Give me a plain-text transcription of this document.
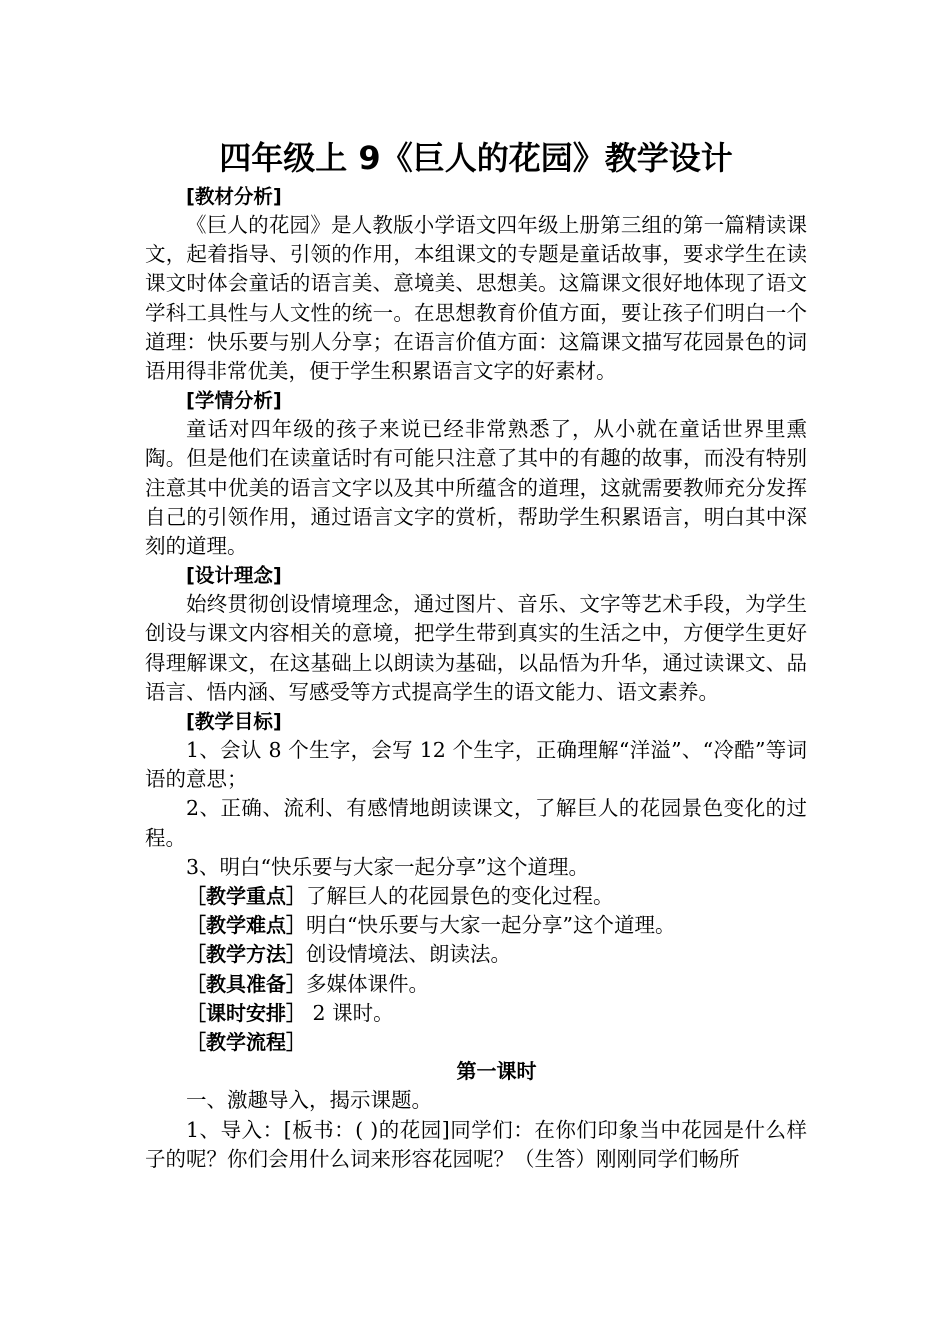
四年级上 9《巨人的花园》教学设计

[教材分析]

《巨人的花园》是人教版小学语文四年级上册第三组的第一篇精读课文，起着指导、引领的作用，本组课文的专题是童话故事，要求学生在读课文时体会童话的语言美、意境美、思想美。这篇课文很好地体现了语文学科工具性与人文性的统一。在思想教育价值方面，要让孩子们明白一个道理：快乐要与别人分享；在语言价值方面：这篇课文描写花园景色的词语用得非常优美，便于学生积累语言文字的好素材。

[学情分析]

童话对四年级的孩子来说已经非常熟悉了，从小就在童话世界里熏陶。但是他们在读童话时有可能只注意了其中的有趣的故事，而没有特别注意其中优美的语言文字以及其中所蕴含的道理，这就需要教师充分发挥自己的引领作用，通过语言文字的赏析，帮助学生积累语言，明白其中深刻的道理。

[设计理念]

始终贯彻创设情境理念，通过图片、音乐、文字等艺术手段，为学生创设与课文内容相关的意境，把学生带到真实的生活之中，方便学生更好得理解课文，在这基础上以朗读为基础，以品悟为升华，通过读课文、品语言、悟内涵、写感受等方式提高学生的语文能力、语文素养。

[教学目标]

1、会认 8 个生字，会写 12 个生字，正确理解“洋溢”、“冷酷”等词语的意思；

2、正确、流利、有感情地朗读课文，了解巨人的花园景色变化的过程。

3、明白“快乐要与大家一起分享”这个道理。

［教学重点］了解巨人的花园景色的变化过程。

［教学难点］明白“快乐要与大家一起分享”这个道理。

［教学方法］创设情境法、朗读法。

［教具准备］多媒体课件。

［课时安排］ 2 课时。

［教学流程］

第一课时

一、激趣导入，揭示课题。

1、导入：[板书：( )的花园]同学们：在你们印象当中花园是什么样子的呢？你们会用什么词来形容花园呢？（生答）刚刚同学们畅所
